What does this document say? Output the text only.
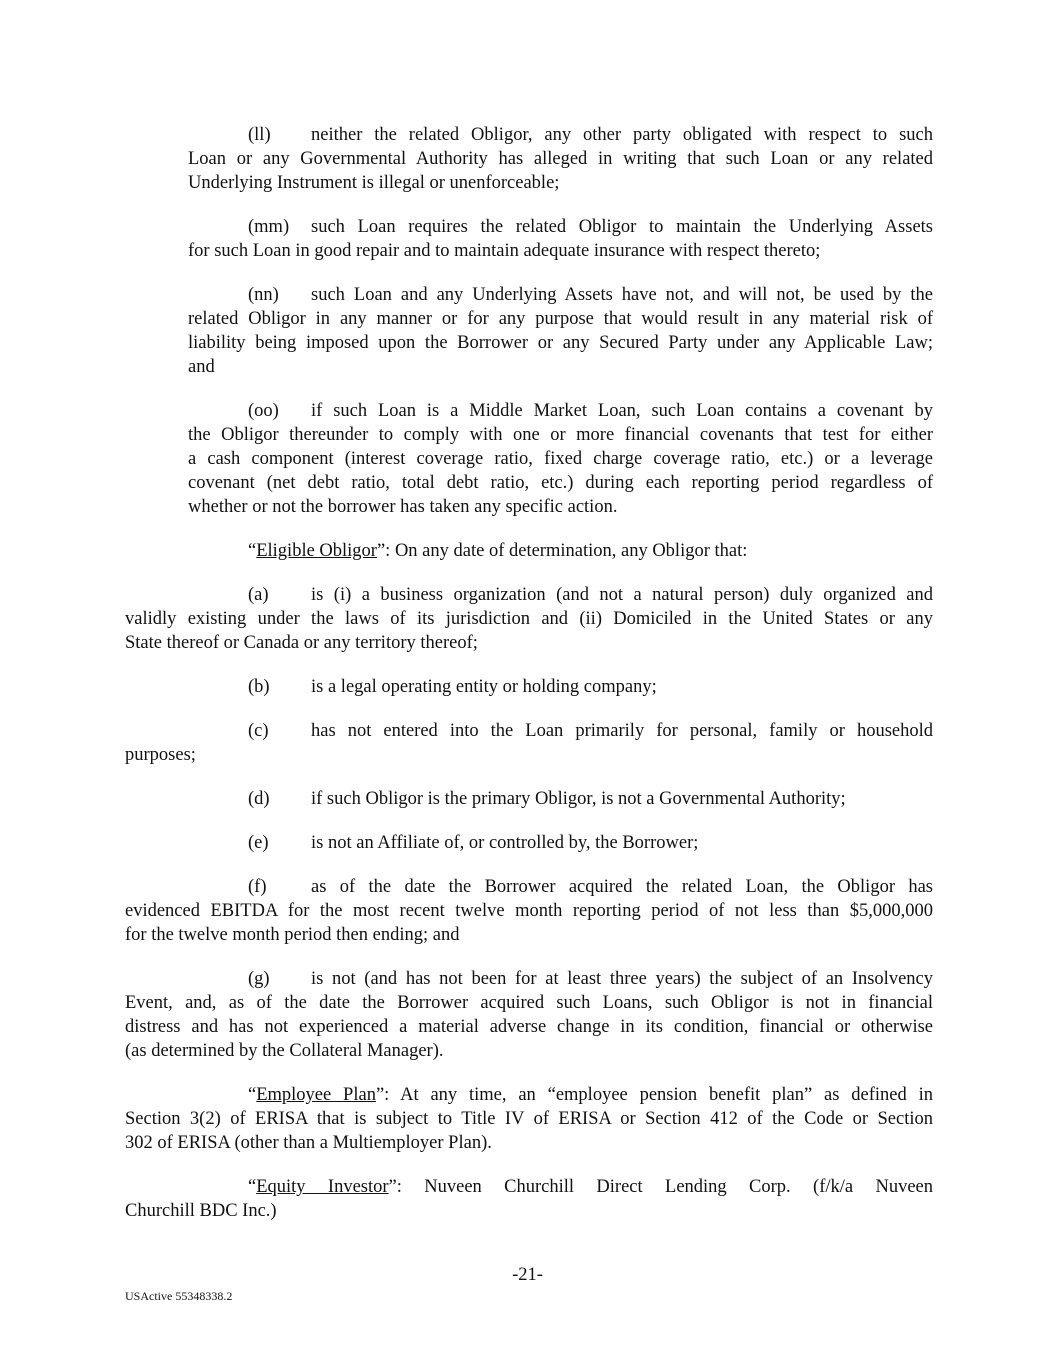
(ll) neither the related Obligor, any other party obligated with respect to such
Loan or any Governmental Authority has alleged in writing that such Loan or any related
Underlying Instrument is illegal or unenforceable;
(mm) such Loan requires the related Obligor to maintain the Underlying Assets
for such Loan in good repair and to maintain adequate insurance with respect thereto;
(nn) such Loan and any Underlying Assets have not, and will not, be used by the
related Obligor in any manner or for any purpose that would result in any material risk of
liability being imposed upon the Borrower or any Secured Party under any Applicable Law;
and
(oo) if such Loan is a Middle Market Loan, such Loan contains a covenant by
the Obligor thereunder to comply with one or more financial covenants that test for either
a cash component (interest coverage ratio, fixed charge coverage ratio, etc.) or a leverage
covenant (net debt ratio, total debt ratio, etc.) during each reporting period regardless of
whether or not the borrower has taken any specific action.
“Eligible Obligor”: On any date of determination, any Obligor that:
(a) is (i) a business organization (and not a natural person) duly organized and
validly existing under the laws of its jurisdiction and (ii) Domiciled in the United States or any
State thereof or Canada or any territory thereof;
(b) is a legal operating entity or holding company;
(c) has not entered into the Loan primarily for personal, family or household
purposes;
(d) if such Obligor is the primary Obligor, is not a Governmental Authority;
(e) is not an Affiliate of, or controlled by, the Borrower;
(f) as of the date the Borrower acquired the related Loan, the Obligor has
evidenced EBITDA for the most recent twelve month reporting period of not less than $5,000,000
for the twelve month period then ending; and
(g) is not (and has not been for at least three years) the subject of an Insolvency
Event, and, as of the date the Borrower acquired such Loans, such Obligor is not in financial
distress and has not experienced a material adverse change in its condition, financial or otherwise
(as determined by the Collateral Manager).
“Employee Plan”: At any time, an “employee pension benefit plan” as defined in
Section 3(2) of ERISA that is subject to Title IV of ERISA or Section 412 of the Code or Section
302 of ERISA (other than a Multiemployer Plan).
“Equity Investor”: Nuveen Churchill Direct Lending Corp. (f/k/a Nuveen
Churchill BDC Inc.)
-21-
USActive 55348338.2
